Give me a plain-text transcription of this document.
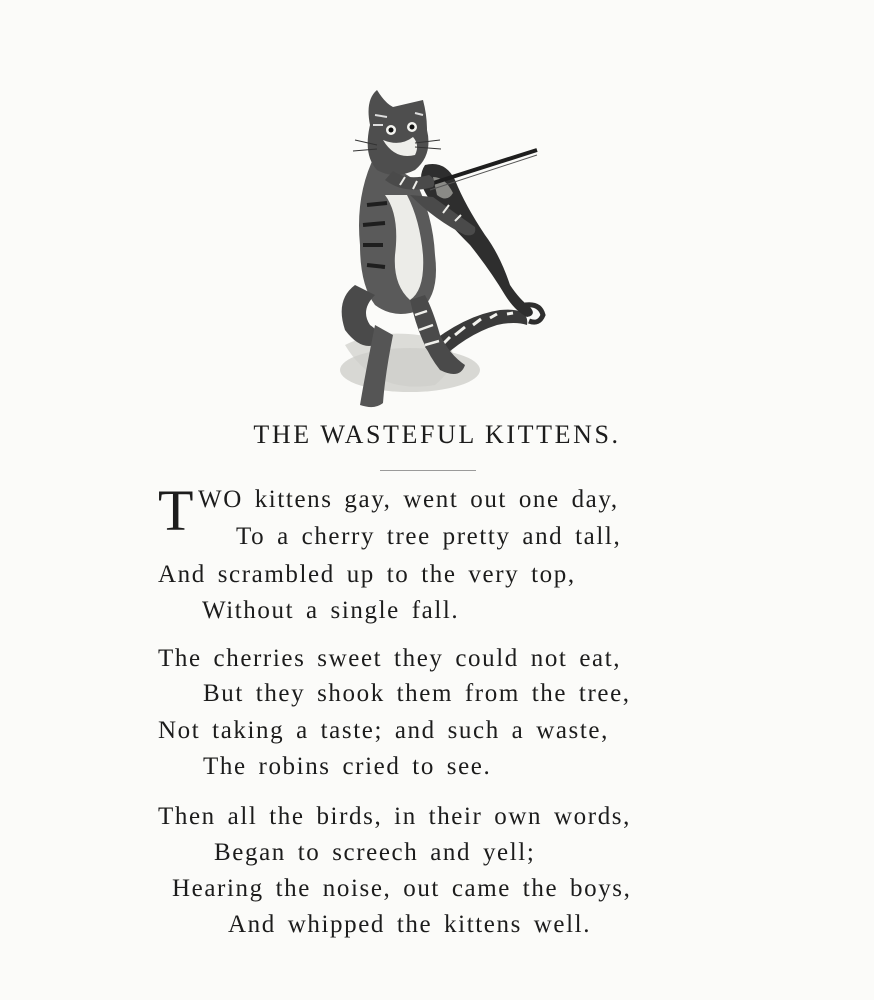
THE WASTEFUL KITTENS.
T WO kittens gay, went out one day,
To a cherry tree pretty and tall,
And scrambled up to the very top,
Without a single fall.
The cherries sweet they could not eat,
But they shook them from the tree,
Not taking a taste; and such a waste,
The robins cried to see.
Then all the birds, in their own words,
Began to screech and yell;
Hearing the noise, out came the boys,
And whipped the kittens well.
